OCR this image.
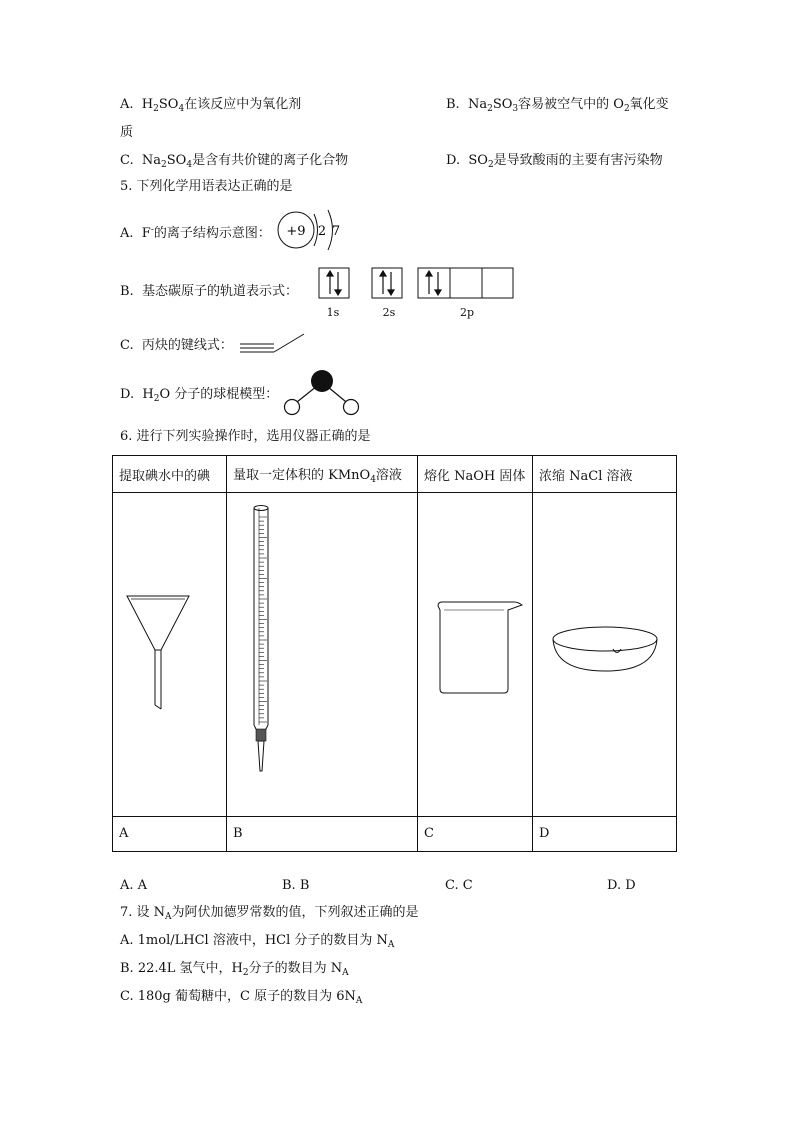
A. $H_2SO_4$在该反应中为氧化剂	B. $Na_2SO_3$容易被空气中的 $O_2$氧化变
质
C. $Na_2SO_4$是含有共价键的离子化合物	D. $SO_2$是导致酸雨的主要有害污染物
5. 下列化学用语表达正确的是
A. F-的离子结构示意图： +9 2 7
B. 基态碳原子的轨道表示式：
1s	2s	2p
C. 丙炔的键线式：
D. $H_2O$ 分子的球棍模型：
6. 进行下列实验操作时，选用仪器正确的是
提取碘水中的碘	量取一定体积的 KMnO$_4$溶液	熔化 NaOH 固体	浓缩 NaCl 溶液

A	B	C	D
A. A	B. B	C. C	D. D
7. 设 $N_A$为阿伏加德罗常数的值，下列叙述正确的是
A. 1mol/LHCl 溶液中，HCl 分子的数目为 $N_A$
B. 22.4L 氢气中，$H_2$分子的数目为 $N_A$
C. 180g 葡萄糖中，C 原子的数目为 $6N_A$
